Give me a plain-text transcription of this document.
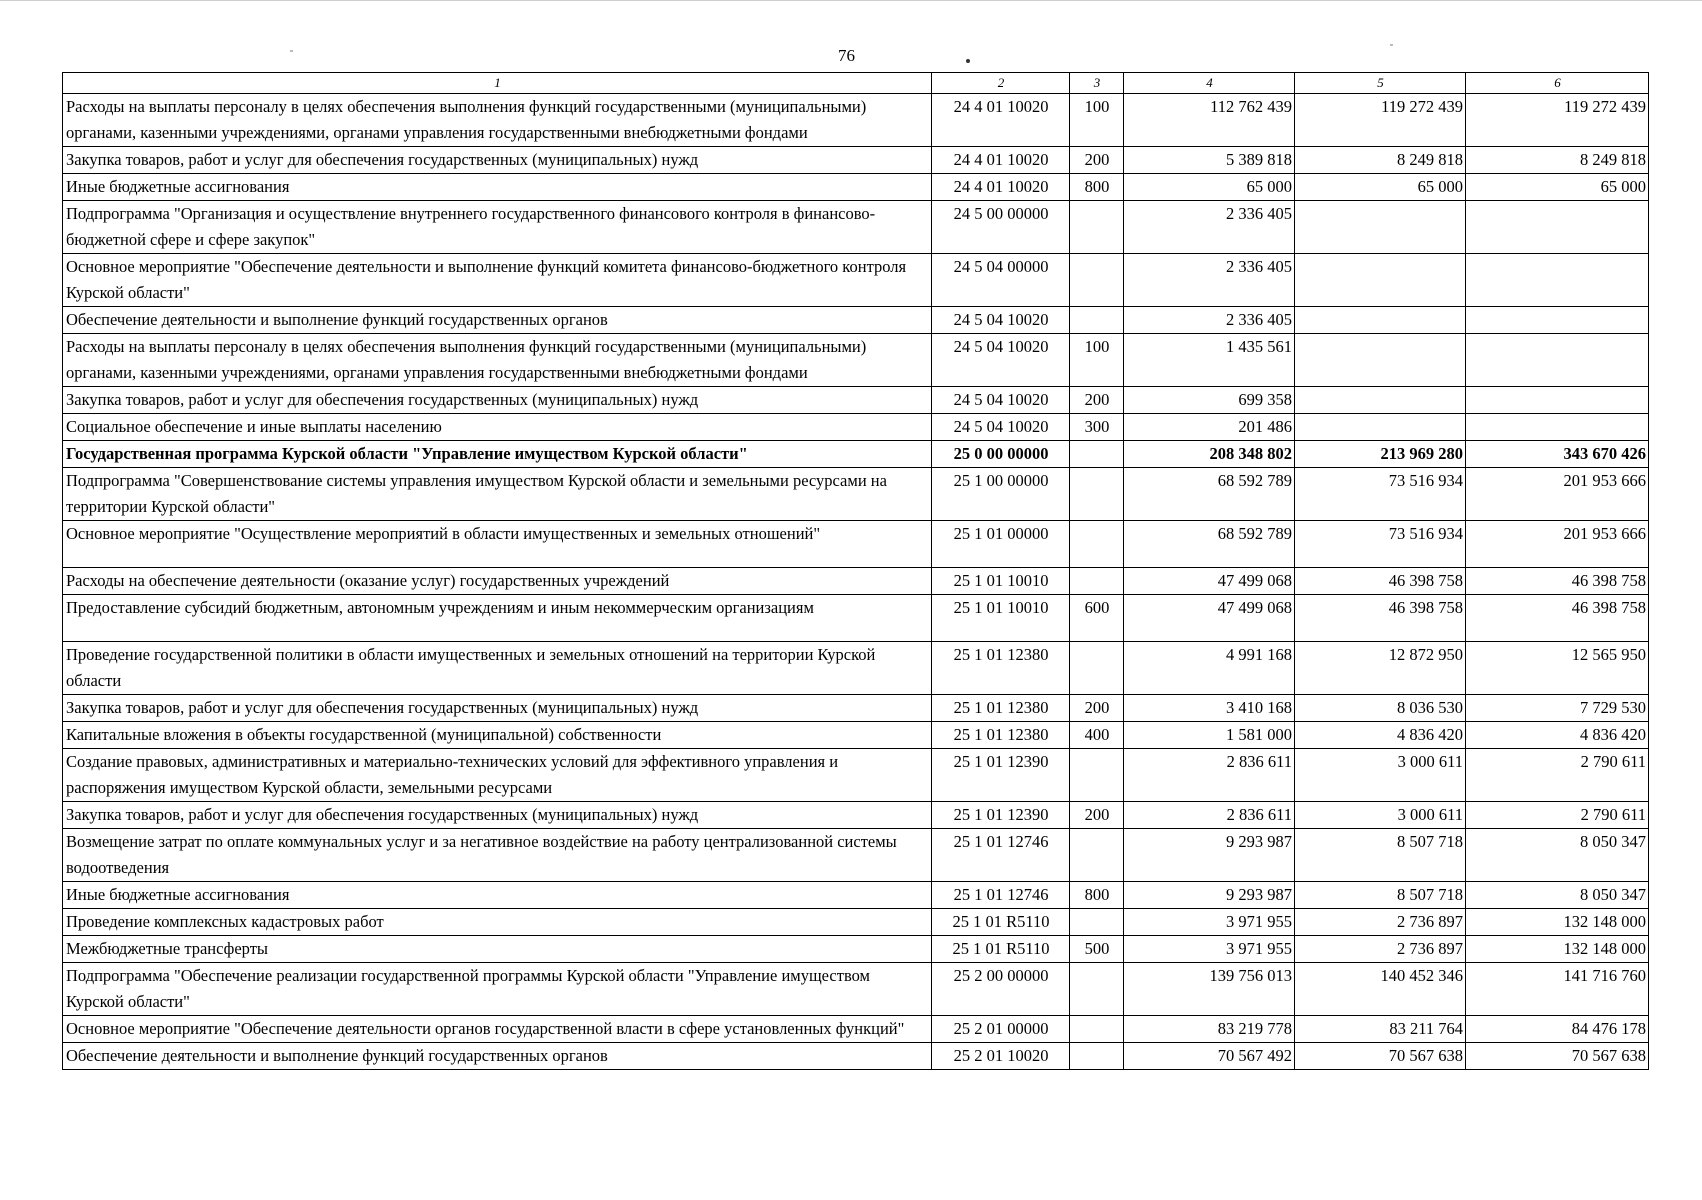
76
1	2	3	4	5	6
Расходы на выплаты персоналу в целях обеспечения выполнения функций государственными (муниципальными) органами, казенными учреждениями, органами управления государственными внебюджетными фондами	24 4 01 10020	100	112 762 439	119 272 439	119 272 439
Закупка товаров, работ и услуг для обеспечения государственных (муниципальных) нужд	24 4 01 10020	200	5 389 818	8 249 818	8 249 818
Иные бюджетные ассигнования	24 4 01 10020	800	65 000	65 000	65 000
Подпрограмма "Организация и осуществление внутреннего государственного финансового контроля в финансово-бюджетной сфере и сфере закупок"	24 5 00 00000		2 336 405		
Основное мероприятие "Обеспечение деятельности и выполнение функций комитета финансово-бюджетного контроля Курской области"	24 5 04 00000		2 336 405		
Обеспечение деятельности и выполнение функций государственных органов	24 5 04 10020		2 336 405		
Расходы на выплаты персоналу в целях обеспечения выполнения функций государственными (муниципальными) органами, казенными учреждениями, органами управления государственными внебюджетными фондами	24 5 04 10020	100	1 435 561		
Закупка товаров, работ и услуг для обеспечения государственных (муниципальных) нужд	24 5 04 10020	200	699 358		
Социальное обеспечение и иные выплаты населению	24 5 04 10020	300	201 486		
Государственная программа Курской области "Управление имуществом Курской области"	25 0 00 00000		208 348 802	213 969 280	343 670 426
Подпрограмма "Совершенствование системы управления имуществом Курской области и земельными ресурсами на территории Курской области"	25 1 00 00000		68 592 789	73 516 934	201 953 666
Основное мероприятие "Осуществление мероприятий в области имущественных и земельных отношений"	25 1 01 00000		68 592 789	73 516 934	201 953 666
Расходы на обеспечение деятельности (оказание услуг) государственных учреждений	25 1 01 10010		47 499 068	46 398 758	46 398 758
Предоставление субсидий бюджетным, автономным учреждениям и иным некоммерческим организациям	25 1 01 10010	600	47 499 068	46 398 758	46 398 758
Проведение государственной политики в области имущественных и земельных отношений на территории Курской области	25 1 01 12380		4 991 168	12 872 950	12 565 950
Закупка товаров, работ и услуг для обеспечения государственных (муниципальных) нужд	25 1 01 12380	200	3 410 168	8 036 530	7 729 530
Капитальные вложения в объекты государственной (муниципальной) собственности	25 1 01 12380	400	1 581 000	4 836 420	4 836 420
Создание правовых, административных и материально-технических условий для эффективного управления и распоряжения имуществом Курской области, земельными ресурсами	25 1 01 12390		2 836 611	3 000 611	2 790 611
Закупка товаров, работ и услуг для обеспечения государственных (муниципальных) нужд	25 1 01 12390	200	2 836 611	3 000 611	2 790 611
Возмещение затрат по оплате коммунальных услуг и за негативное воздействие на работу централизованной системы водоотведения	25 1 01 12746		9 293 987	8 507 718	8 050 347
Иные бюджетные ассигнования	25 1 01 12746	800	9 293 987	8 507 718	8 050 347
Проведение комплексных кадастровых работ	25 1 01 R5110		3 971 955	2 736 897	132 148 000
Межбюджетные трансферты	25 1 01 R5110	500	3 971 955	2 736 897	132 148 000
Подпрограмма "Обеспечение реализации государственной программы Курской области "Управление имуществом Курской области"	25 2 00 00000		139 756 013	140 452 346	141 716 760
Основное мероприятие "Обеспечение деятельности органов государственной власти в сфере установленных функций"	25 2 01 00000		83 219 778	83 211 764	84 476 178
Обеспечение деятельности и выполнение функций государственных органов	25 2 01 10020		70 567 492	70 567 638	70 567 638
